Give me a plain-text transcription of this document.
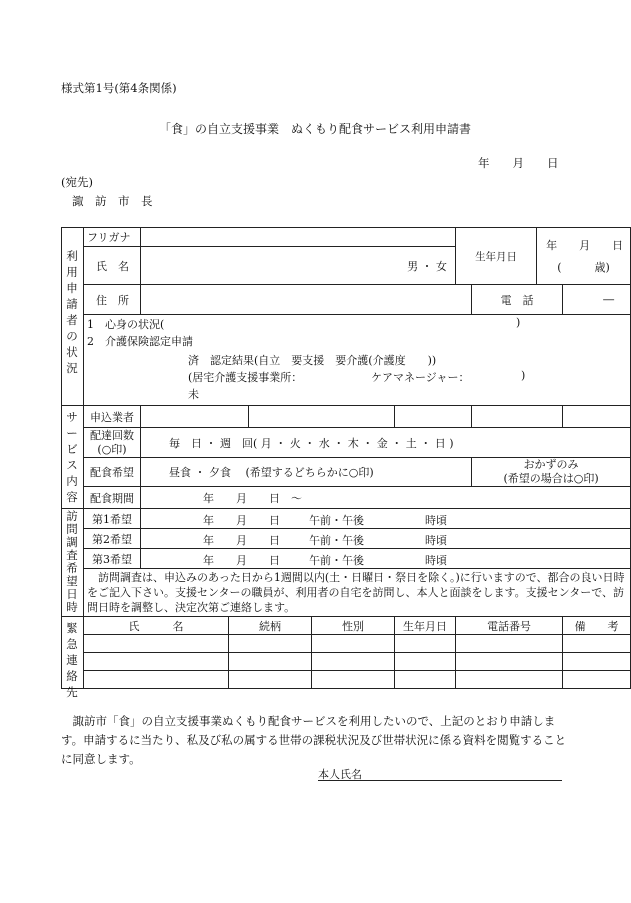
様式第1号(第4条関係)
「食」の自立支援事業　ぬくもり配食サービス利用申請書
年　　月　　日
(宛先)
諏　訪　市　長
利用申請者の状況	フリガナ						生年月日		年　　月　　日
(　　　歳)	

	氏　名	男 ・ 女								
	住　所							電　話		―
	1　心身の状況( )									

	2　介護保険認定申請									

	済　認定結果(自立　要支援　要介護(介護度　　))
(居宅介護支援事業所： ケアマネージャー： )
未									

サービス内容	申込業者									

	配達回数
(○印)	毎　日 ・ 週　回( 月 ・ 火 ・ 水 ・ 木 ・ 金 ・ 土 ・ 日 )								
	配食希望	昼食 ・ 夕食　 (希望するどちらかに○印)						おかずのみ
(希望の場合は○印)		

	配食期間	年　　月　　日　～								

訪問調査希望日時	第1希望	年　　月　　日 午前・午後 時頃								

	第2希望	年　　月　　日 午前・午後 時頃								

	第3希望	年　　月　　日 午前・午後 時頃								

	　訪問調査は、申込みのあった日から1週間以内(土・日曜日・祭日を除く。)に行いますので、都合の良い日時をご記入下さい。支援センターの職員が、利用者の自宅を訪問し、本人と面談をします。支援センターで、訪問日時を調整し、決定次第ご連絡します。									

緊急連絡先	氏　　　名		続柄		性別	生年月日	電話番号			備　　考

　諏訪市「食」の自立支援事業ぬくもり配食サービスを利用したいので、上記のとおり申請します。申請するに当たり、私及び私の属する世帯の課税状況及び世帯状況に係る資料を閲覧することに同意します。
本人氏名
